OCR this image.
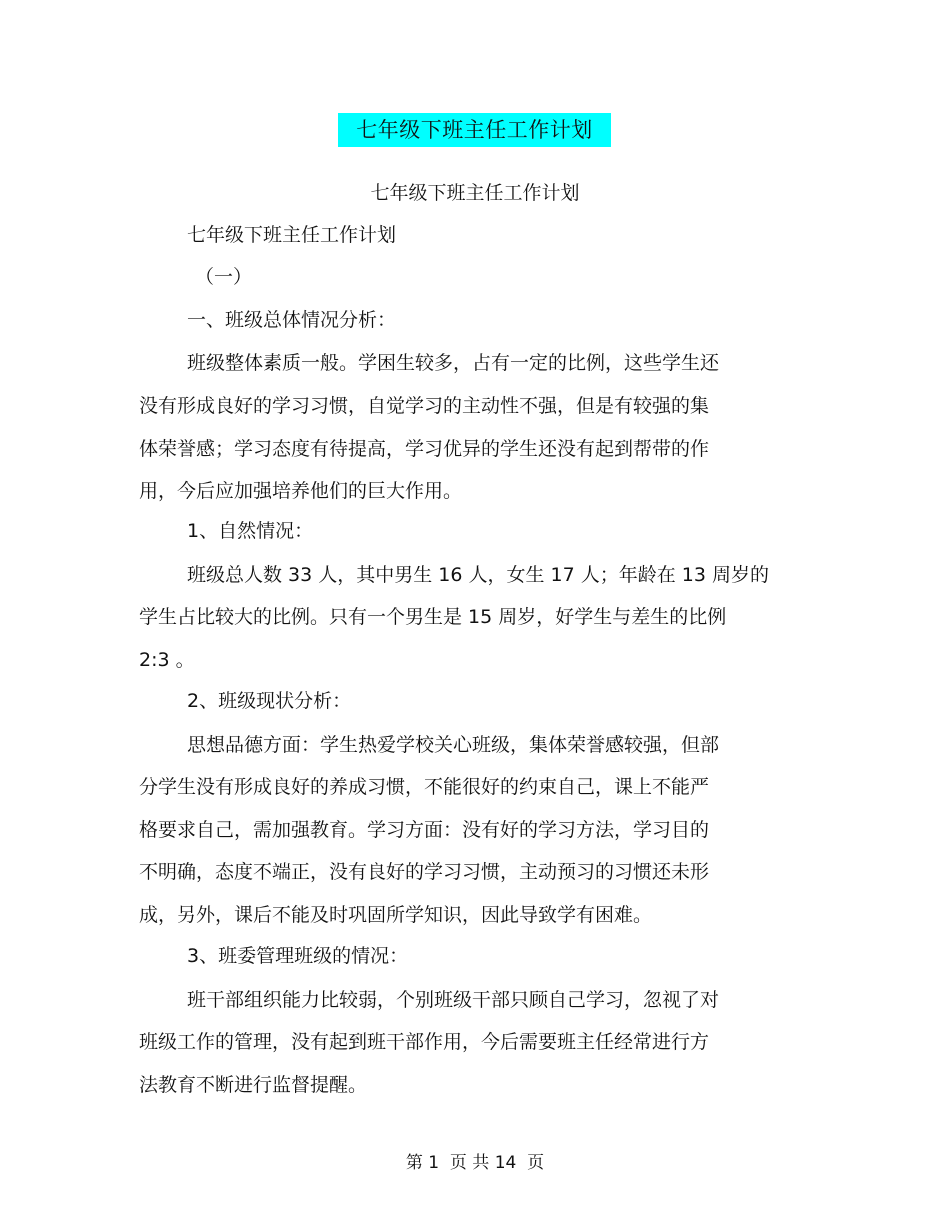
七年级下班主任工作计划
七年级下班主任工作计划
七年级下班主任工作计划
（一）
一、班级总体情况分析：
班级整体素质一般。学困生较多，占有一定的比例，这些学生还
没有形成良好的学习习惯，自觉学习的主动性不强，但是有较强的集
体荣誉感；学习态度有待提高，学习优异的学生还没有起到帮带的作
用，今后应加强培养他们的巨大作用。
1、自然情况：
班级总人数 33 人，其中男生 16 人，女生 17 人；年龄在 13 周岁的
学生占比较大的比例。只有一个男生是 15 周岁，好学生与差生的比例
2:3 。
2、班级现状分析：
思想品德方面：学生热爱学校关心班级，集体荣誉感较强，但部
分学生没有形成良好的养成习惯，不能很好的约束自己，课上不能严
格要求自己，需加强教育。学习方面：没有好的学习方法，学习目的
不明确，态度不端正，没有良好的学习习惯，主动预习的习惯还未形
成，另外，课后不能及时巩固所学知识，因此导致学有困难。
3、班委管理班级的情况：
班干部组织能力比较弱，个别班级干部只顾自己学习，忽视了对
班级工作的管理，没有起到班干部作用，今后需要班主任经常进行方
法教育不断进行监督提醒。
第 1  页 共 14  页
